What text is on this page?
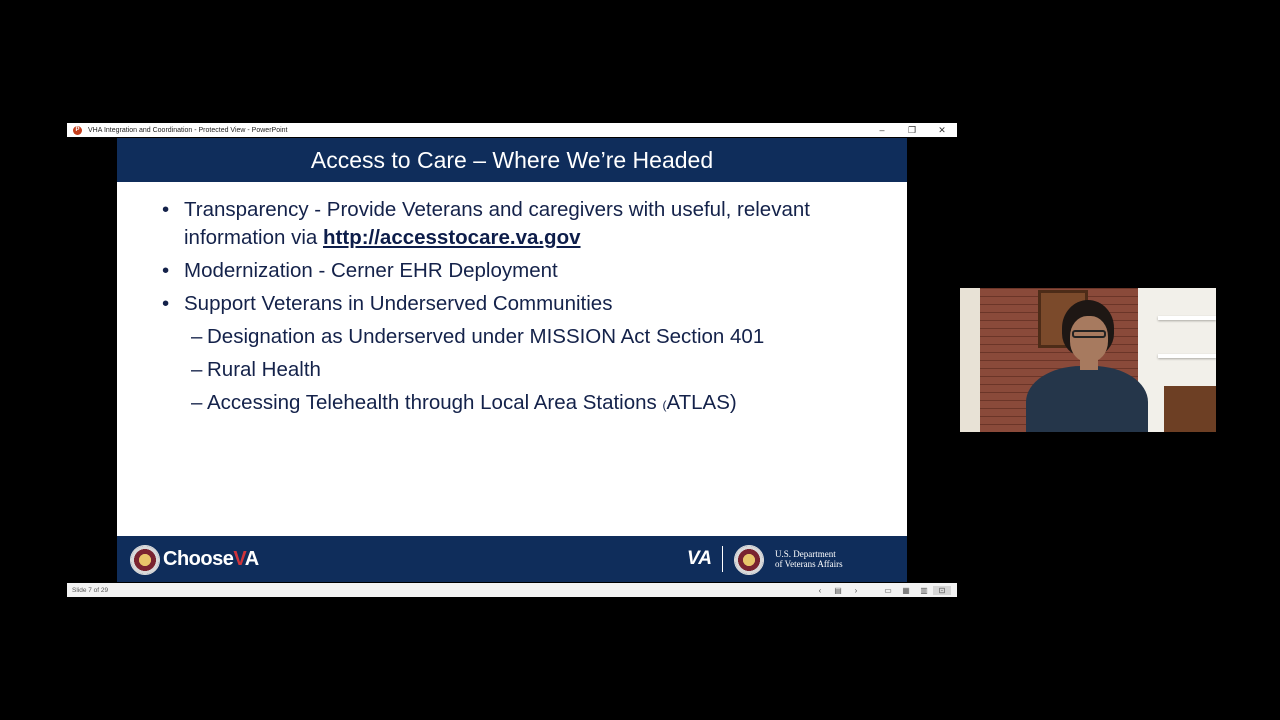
P	VHA Integration and Coordination - Protected View - PowerPoint	–	❐	✕
Access to Care – Where We’re Headed
• Transparency - Provide Veterans and caregivers with useful, relevant information via http://accesstocare.va.gov
• Modernization - Cerner EHR Deployment
• Support Veterans in Underserved Communities
– Designation as Underserved under MISSION Act Section 401
– Rural Health
– Accessing Telehealth through Local Area Stations (ATLAS)
ChooseVA	VA	U.S. Department
of Veterans Affairs
Slide 7 of 29	‹	▤	›	▭	▦	▥	⊡
